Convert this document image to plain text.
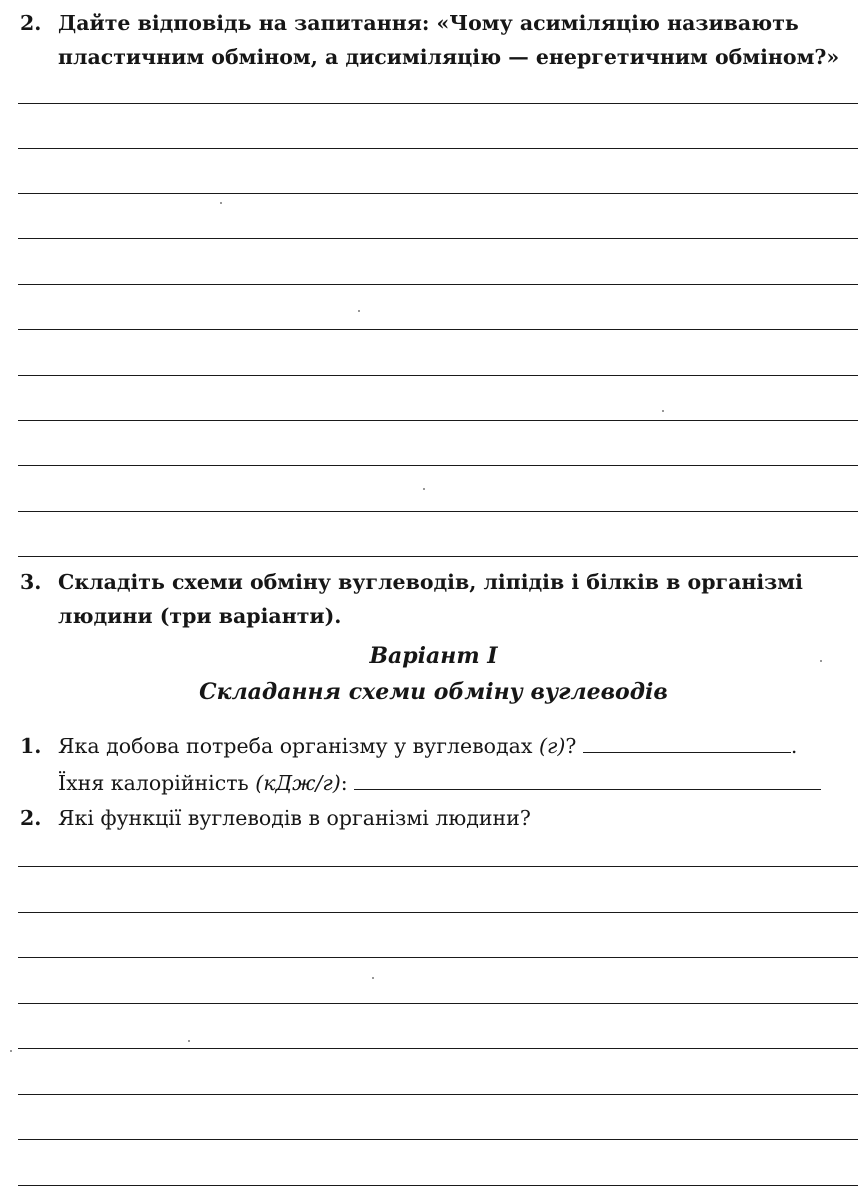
2. Дайте відповідь на запитання: «Чому асиміляцію називають пластичним обміном, а дисиміляцію — енергетичним обміном?»
3. Складіть схеми обміну вуглеводів, ліпідів і білків в організмі людини (три варіанти).
Варіант I
Складання схеми обміну вуглеводів
1. Яка добова потреба організму у вуглеводах (г)?	.
Їхня калорійність (кДж/г):
2. Які функції вуглеводів в організмі людини?
